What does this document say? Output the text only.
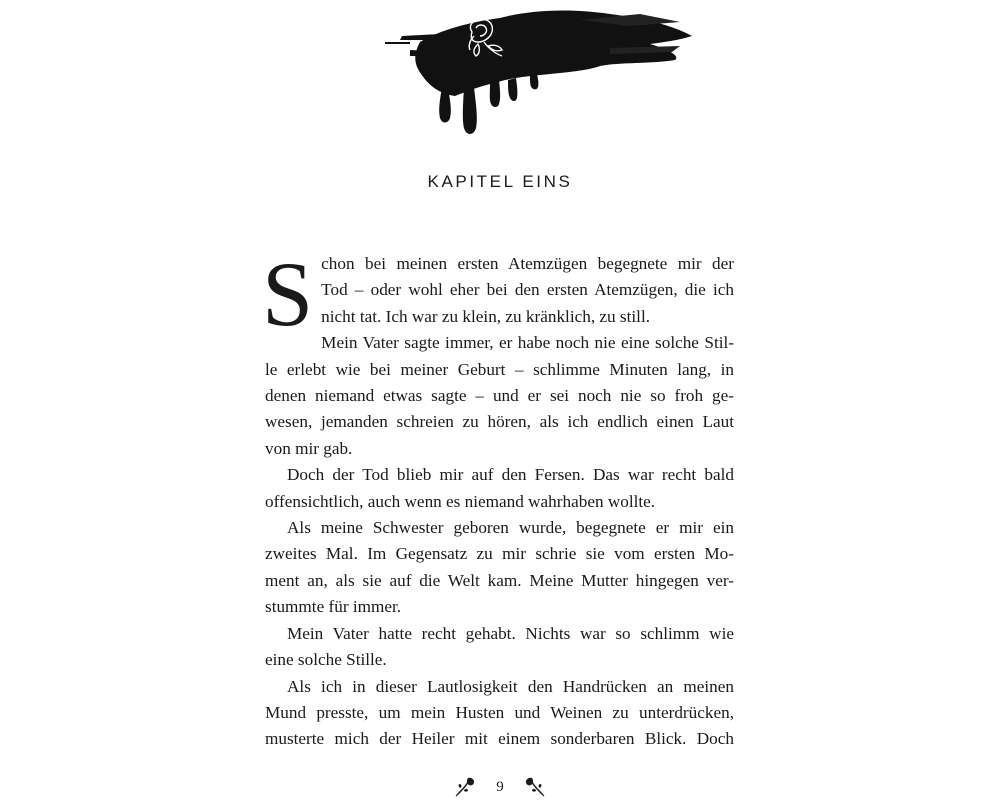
KAPITEL EINS
S chon bei meinen ersten Atemzügen begegnete mir der
Tod – oder wohl eher bei den ersten Atemzügen, die ich
nicht tat. Ich war zu klein, zu kränklich, zu still.
Mein Vater sagte immer, er habe noch nie eine solche Stil-
le erlebt wie bei meiner Geburt – schlimme Minuten lang, in
denen niemand etwas sagte – und er sei noch nie so froh ge-
wesen, jemanden schreien zu hören, als ich endlich einen Laut
von mir gab.
Doch der Tod blieb mir auf den Fersen. Das war recht bald
offensichtlich, auch wenn es niemand wahrhaben wollte.
Als meine Schwester geboren wurde, begegnete er mir ein
zweites Mal. Im Gegensatz zu mir schrie sie vom ersten Mo-
ment an, als sie auf die Welt kam. Meine Mutter hingegen ver-
stummte für immer.
Mein Vater hatte recht gehabt. Nichts war so schlimm wie
eine solche Stille.
Als ich in dieser Lautlosigkeit den Handrücken an meinen
Mund presste, um mein Husten und Weinen zu unterdrücken,
musterte mich der Heiler mit einem sonderbaren Blick. Doch
9
